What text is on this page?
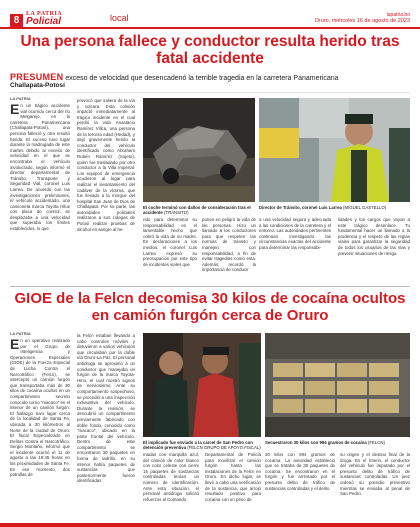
8
LA PATRIA
Policial	local	lapatria.bo
Oruro, miércoles 16 de agosto de 2023
Una persona fallece y conductor resulta herido tras fatal accidente
PRESUMEN exceso de velocidad que desencadenó la terrible tragedia en la carretera Panamericana
Challapata-Potosí
LA PATRIA
En un trágico accidente vial ocurrido cerca del río Melgarejo, en la carretera Panamericana (Challapata-Potosí), una persona falleció y otra resultó herida. El suceso tuvo lugar durante la madrugada de este martes debido al exceso de velocidad en el que se encontraba el vehículo involucrado, según informó el director departamental de Tránsito, Transporte y Seguridad Vial, coronel Luis Larrea. De acuerdo con las investigaciones preliminares, el vehículo accidentado, una camioneta marca Toyota Hilux con placa de control, se desplazaba a una velocidad que superaba los límites establecidos, lo que
provocó que saliera de la vía y volcara. Esta colisión impactó inmediatamente al trágico incidente en el cual perdió la vida Anastacio Ramírez Villca, una persona de la tercera edad (Hedad), y dejó gravemente herido al conductor del vehículo identificado como Abraham Rubén Ramírez (Sujeto), quien fue trasladado por otro conductor a la Villa Imperial. Los equipos de emergencia acudieron al lugar para realizar el levantamiento del cadáver de la víctima, que fue llevado a la morgue del hospital San Juan de Dios de Challapata. Por su parte, las autoridades policiales realizaron a sus colegas de Potosí realizar pruebas de alcohol en sangre al he-
El coche terminó con daños de consideración tras el accidente (TRÁNSITO)
Director de Tránsito, coronel Luis Larrea (MIGUEL GASTELLO)
rido para determinar su responsabilidad en el lamentable hecho que cobró la vida de su madre. En declaraciones a los medios, el coronel Luis Larrea expresó su preocupación por este tipo de incidentes viales que
ponen en peligro la vida de las personas. Hizo un llamado a los conductores para que respeten las normas de tránsito y manejen con responsabilidad, a fin de evitar tragedias como esta. Además, recordó la importancia de conducir
a una velocidad segura y adecuada a las condiciones de la carretera y el entorno. Las autoridades pertinentes continúan investigando las circunstancias exactas del accidente para determinar las responsabi-
lidades y los cargos que vayan a este trágico desenlace. Tu fundamental hacer un llamado a la prudencia y el respeto de las reglas viales para garantizar la seguridad de todos los usuarios de las vías y prevenir situaciones de riesgo.
GIOE de la Felcn decomisa 30 kilos de cocaína ocultos en camión furgón cerca de Oruro
LA PATRIA
En un operativo realizado por el Grupo de Inteligencia y Operaciones Especiales (GIOE) de la Fuerza Especial de Lucha Contra el Narcotráfico (Felcn), se interceptó un camión furgón que transportaba más de 30 kilos de cocaína ocultos en un compartimiento secreto conocido como "macaco" en el interior de un camión furgón. El hallazgo tuvo lugar cerca de la localidad de Santa Fe, ubicada a 30 kilómetros al Norte de la ciudad de Oruro. El fiscal Especializado en Delitos Contra el Narcotráfico, Sergio Montaño, informó que el incidente ocurrió el 11 de agosto a las 19:45 horas en las proximidades de Santa Fe. En ese momento, dos patrullas de
la Felcn estaban llevando a cabo controles móviles y detuvieron a varios vehículos que circulaban por la doble vía Oruro-La Paz. El personal antidroga se aproximó a un conductor que manejaba un furgón de la marca Toyota-Hino, el cual mostró signos de nerviosismo. Ante su comportamiento sospechoso, se procedió a una inspección exhaustiva del vehículo. Durante la revisión, se descubrió un compartimento previamente fabricado con doble fondo, conocido como "macaco", ubicado en la parte frontal del vehículo. Dentro de este compartimento se encontraron 30 paquetes en forma de ladrillo, en su interior había paquetes de sustancias que posteriormente fueron identificadas
El implicado fue enviado a la cárcel de San Pedro con detención preventiva (FELCN GRUPO DE APOYO FISCAL)
Secuestraron 30 kilos con 994 gramos de cocaína (FELCN)
madas con marquilla azul, del camión de color blanco con color celeste con cierre 15 paquetes de sustancias controladas tenían un número de identificación. Ante esta situación, el personal antidroga solicitó refuerzos al Comando
Departamental de Policía para movilizar el camión furgón hasta las instalaciones de la Felcn en Oruro. En dicho lugar, se llevó a cabo una verificación de la sustancia, que arrojó resultado positivo para cocaína con un peso de
30 kilos con 994 gramos de cocaína. La autoridad estableció que se trataba de 30 paquetes de cocaína. Se encontraron en el furgón y fue arrestado por el presunto delito de tráfico de sustancias controladas y el delito
su origen y el destino final de la droga. En el ínterin, el conductor del vehículo fue imputado por el presunto delito de tráfico de sustancias controladas. Un juez ordenó su presidio preventivo mientras se enviaba al penal de San Pedro.
